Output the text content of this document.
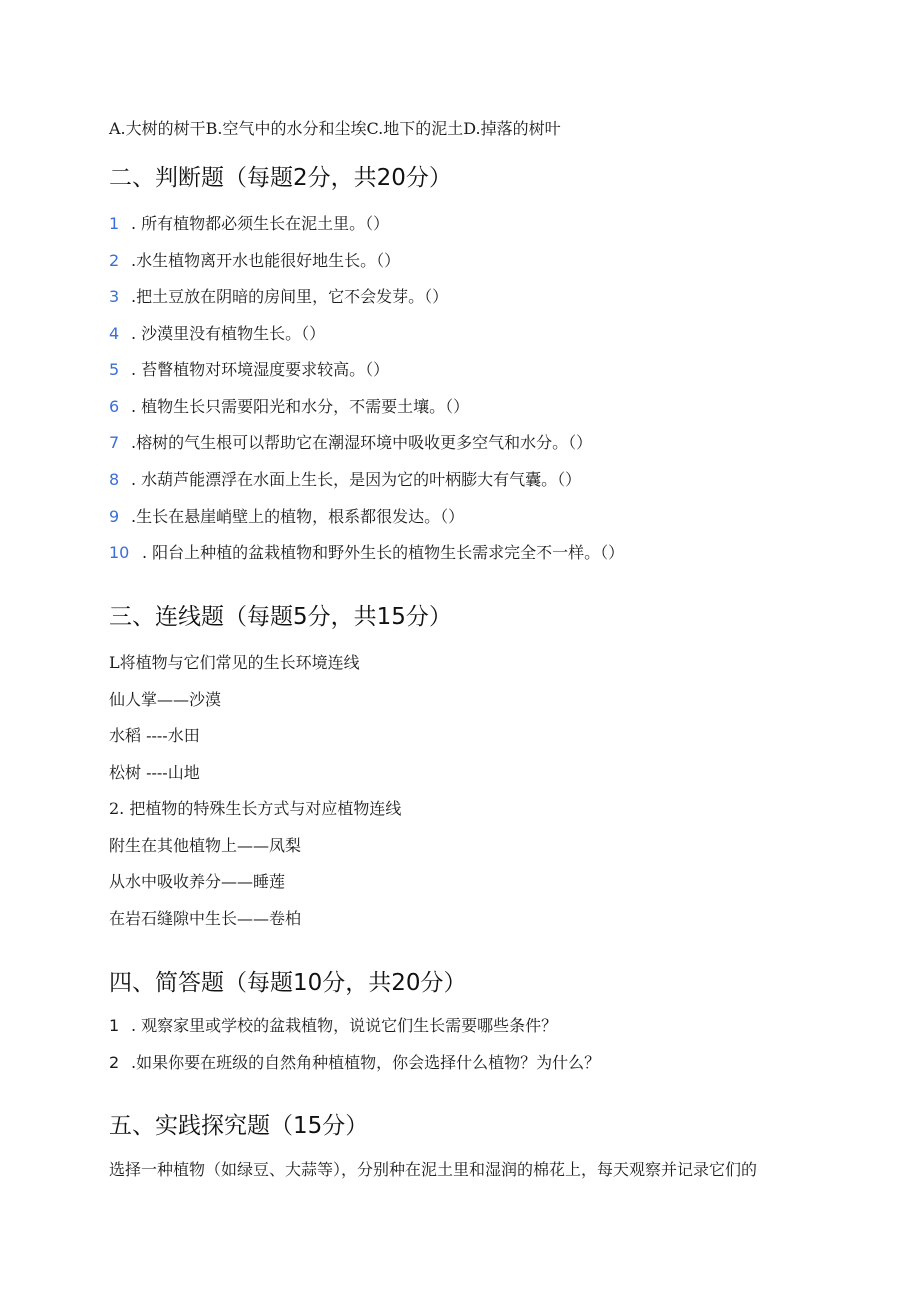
A.大树的树干B.空气中的水分和尘埃C.地下的泥土D.掉落的树叶
二、判断题（每题2分，共20分）
1 . 所有植物都必须生长在泥土里。（）
2 .水生植物离开水也能很好地生长。（）
3 .把土豆放在阴暗的房间里，它不会发芽。（）
4 . 沙漠里没有植物生长。（）
5 . 苔瞥植物对环境湿度要求较高。（）
6 . 植物生长只需要阳光和水分，不需要土壤。（）
7 .榕树的气生根可以帮助它在潮湿环境中吸收更多空气和水分。（）
8 . 水葫芦能漂浮在水面上生长，是因为它的叶柄膨大有气囊。（）
9 .生长在悬崖峭壁上的植物，根系都很发达。（）
10 . 阳台上种植的盆栽植物和野外生长的植物生长需求完全不一样。（）
三、连线题（每题5分，共15分）
L将植物与它们常见的生长环境连线
仙人掌——沙漠
水稻 ----水田
松树 ----山地
2. 把植物的特殊生长方式与对应植物连线
附生在其他植物上——凤梨
从水中吸收养分——睡莲
在岩石缝隙中生长——卷柏
四、简答题（每题10分，共20分）
1 . 观察家里或学校的盆栽植物，说说它们生长需要哪些条件？
2 .如果你要在班级的自然角种植植物，你会选择什么植物？为什么？
五、实践探究题（15分）
选择一种植物（如绿豆、大蒜等），分别种在泥土里和湿润的棉花上，每天观察并记录它们的
